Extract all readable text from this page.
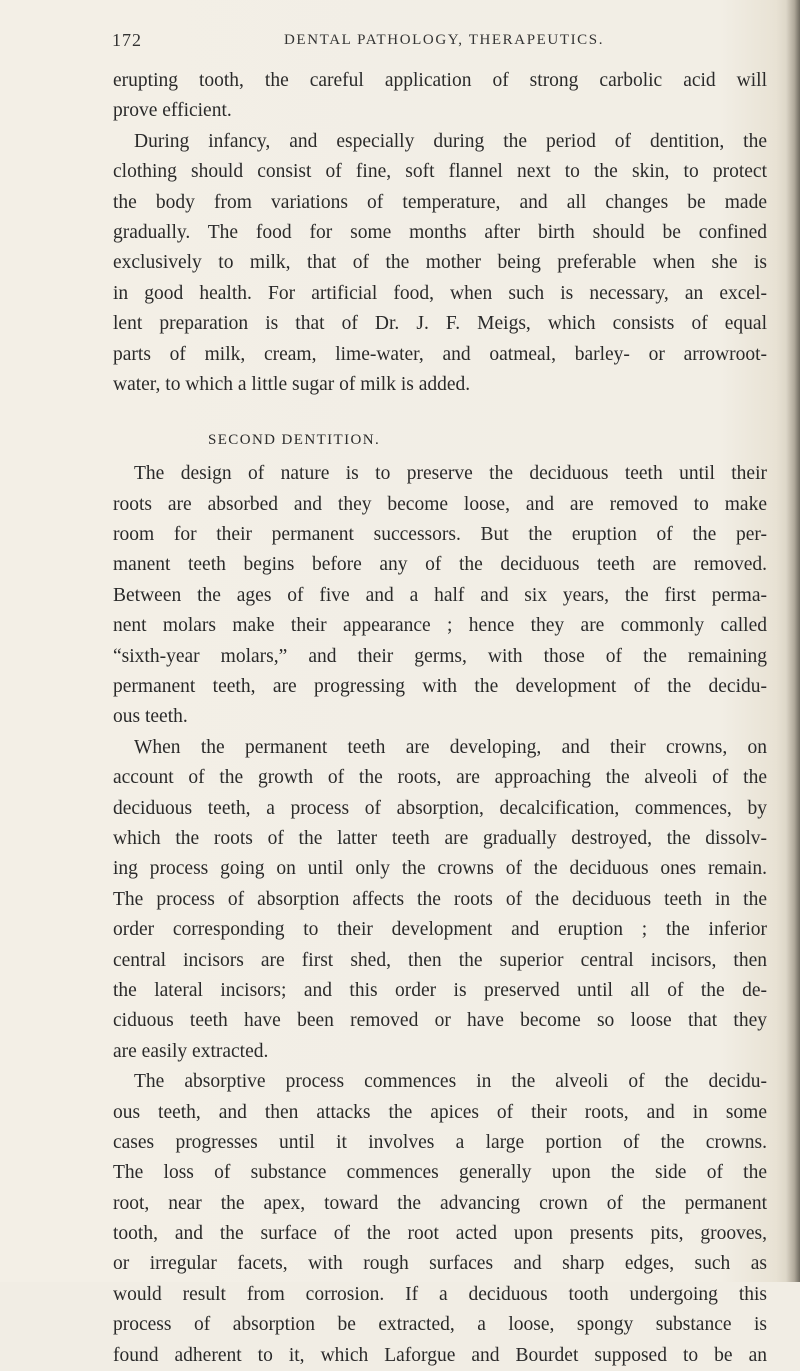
172	DENTAL PATHOLOGY, THERAPEUTICS.
erupting tooth, the careful application of strong carbolic acid will
prove efficient.
During infancy, and especially during the period of dentition, the
clothing should consist of fine, soft flannel next to the skin, to protect
the body from variations of temperature, and all changes be made
gradually. The food for some months after birth should be confined
exclusively to milk, that of the mother being preferable when she is
in good health. For artificial food, when such is necessary, an excel-
lent preparation is that of Dr. J. F. Meigs, which consists of equal
parts of milk, cream, lime-water, and oatmeal, barley- or arrowroot-
water, to which a little sugar of milk is added.
SECOND DENTITION.
The design of nature is to preserve the deciduous teeth until their
roots are absorbed and they become loose, and are removed to make
room for their permanent successors. But the eruption of the per-
manent teeth begins before any of the deciduous teeth are removed.
Between the ages of five and a half and six years, the first perma-
nent molars make their appearance ; hence they are commonly called
“sixth-year molars,” and their germs, with those of the remaining
permanent teeth, are progressing with the development of the decidu-
ous teeth.
When the permanent teeth are developing, and their crowns, on
account of the growth of the roots, are approaching the alveoli of the
deciduous teeth, a process of absorption, decalcification, commences, by
which the roots of the latter teeth are gradually destroyed, the dissolv-
ing process going on until only the crowns of the deciduous ones remain.
The process of absorption affects the roots of the deciduous teeth in the
order corresponding to their development and eruption ; the inferior
central incisors are first shed, then the superior central incisors, then
the lateral incisors; and this order is preserved until all of the de-
ciduous teeth have been removed or have become so loose that they
are easily extracted.
The absorptive process commences in the alveoli of the decidu-
ous teeth, and then attacks the apices of their roots, and in some
cases progresses until it involves a large portion of the crowns.
The loss of substance commences generally upon the side of the
root, near the apex, toward the advancing crown of the permanent
tooth, and the surface of the root acted upon presents pits, grooves,
or irregular facets, with rough surfaces and sharp edges, such as
would result from corrosion. If a deciduous tooth undergoing this
process of absorption be extracted, a loose, spongy substance is
found adherent to it, which Laforgue and Bourdet supposed to be an
